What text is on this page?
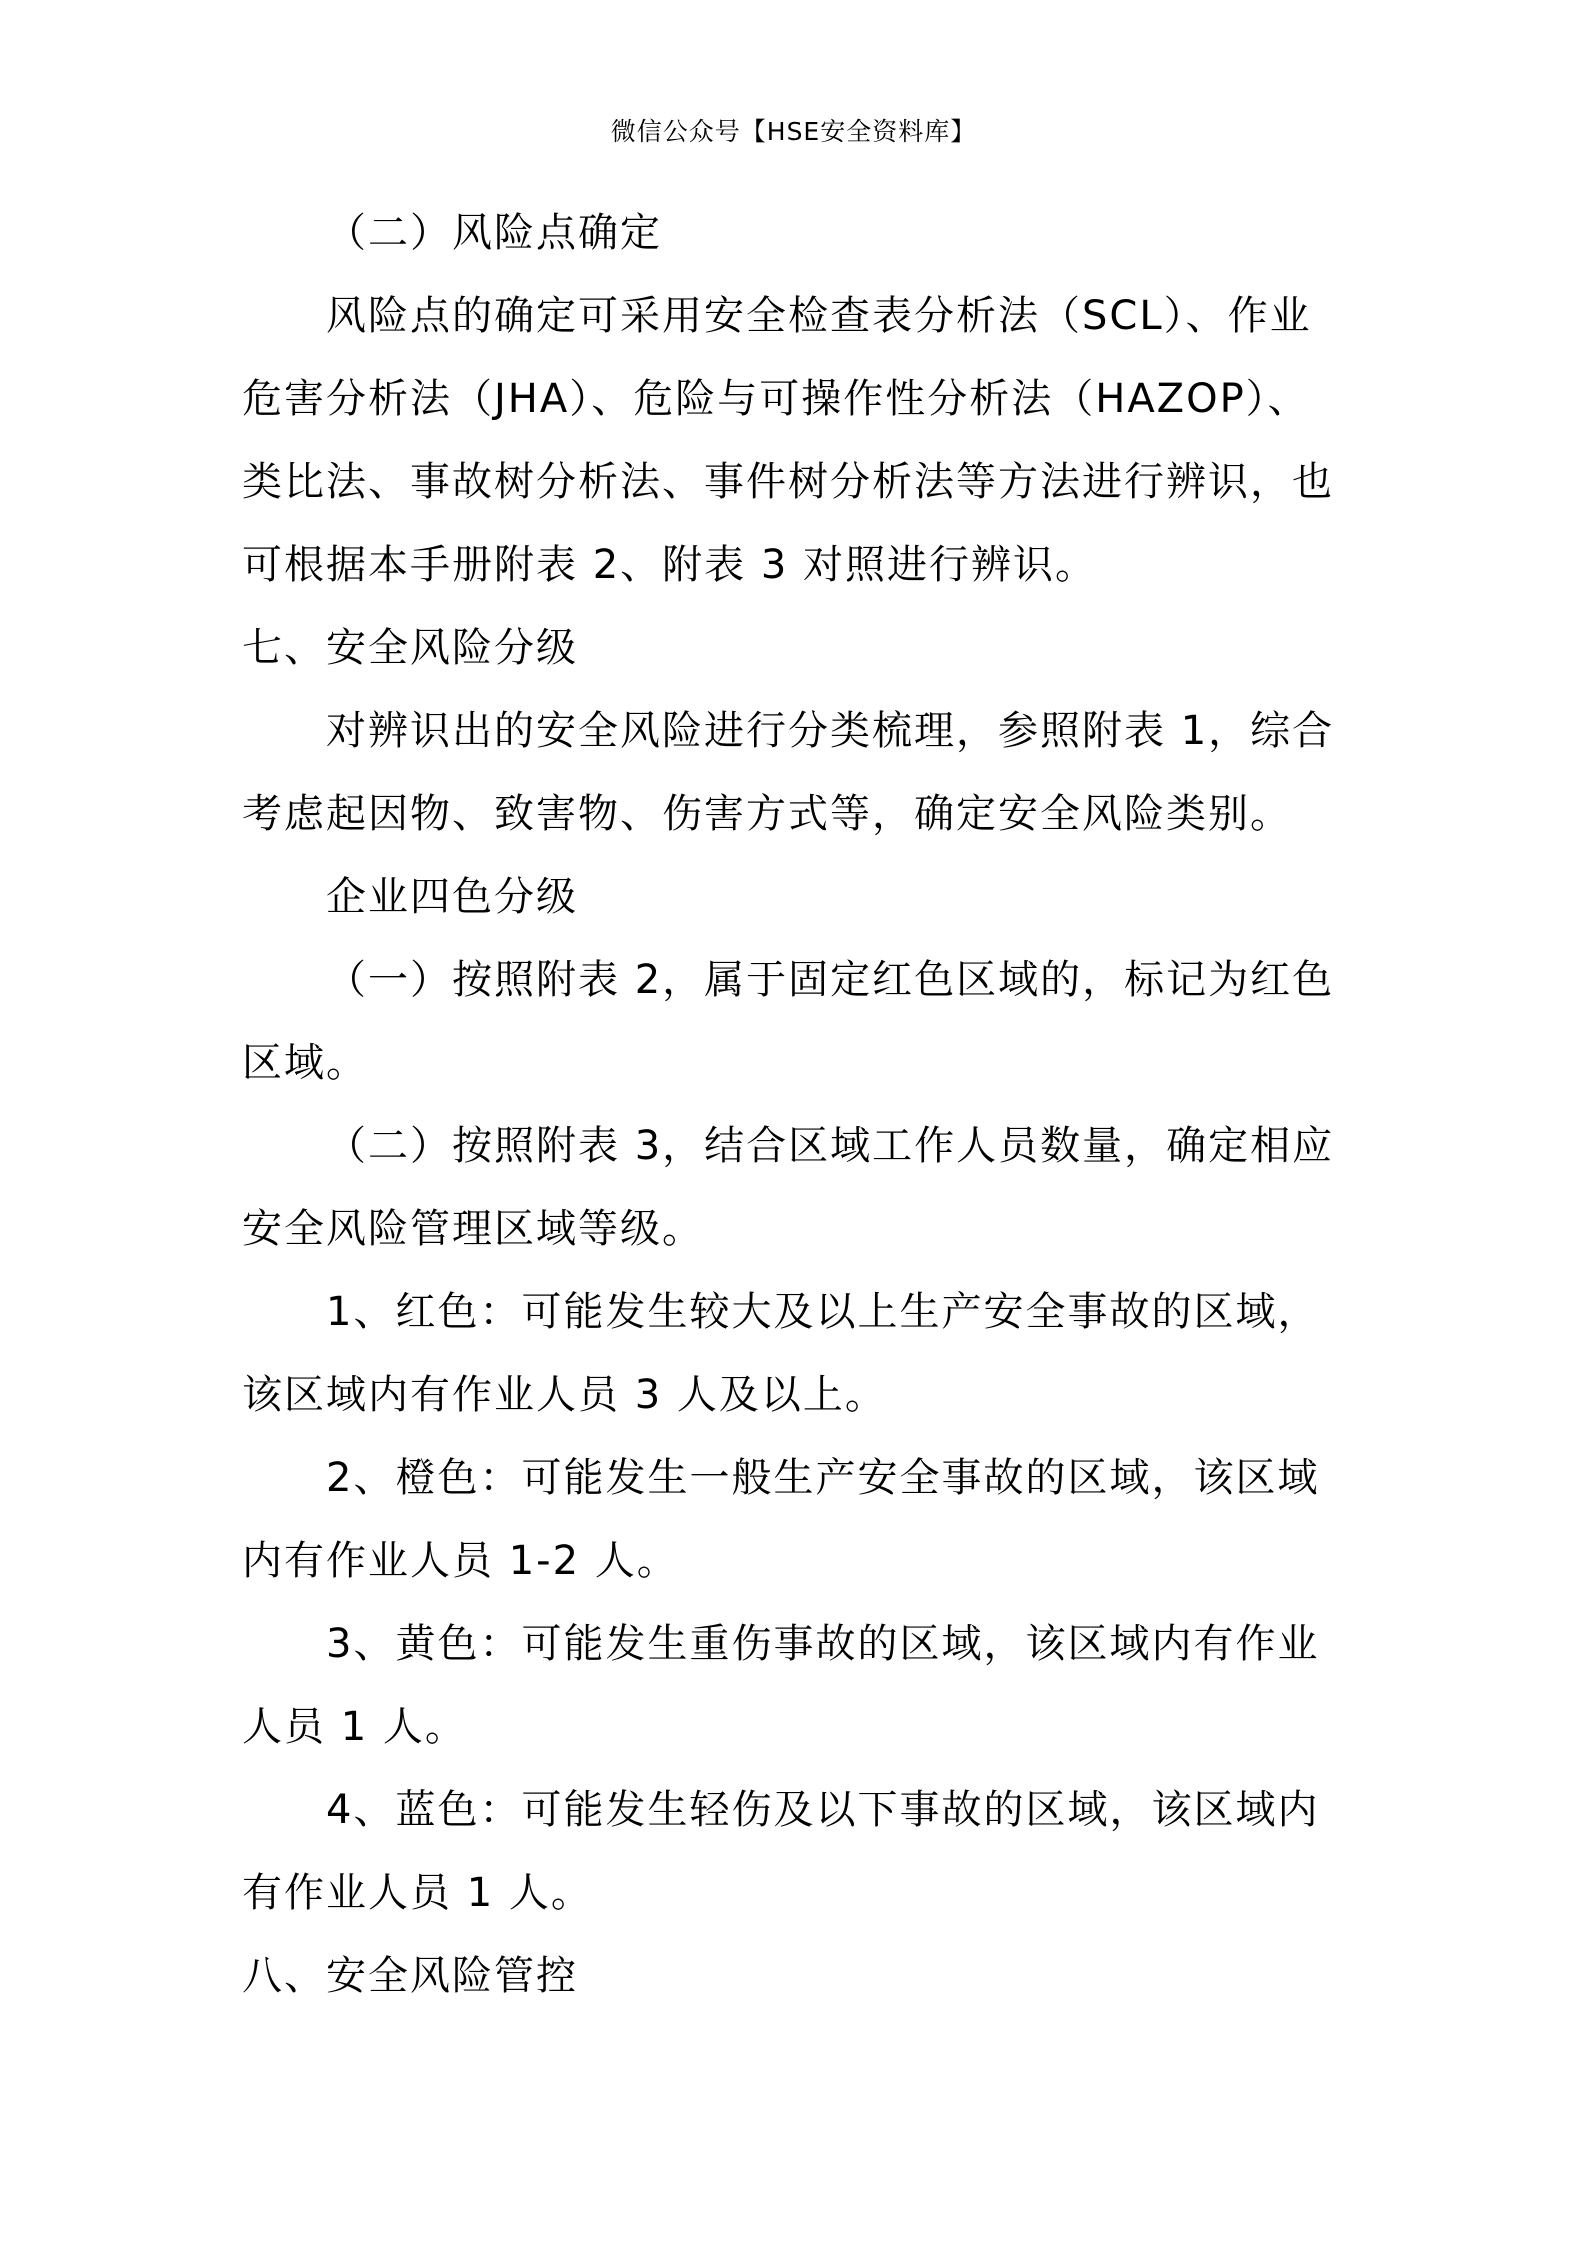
微信公众号【HSE安全资料库】

（二）风险点确定

风险点的确定可采用安全检查表分析法（SCL）、作业危害分析法（JHA）、危险与可操作性分析法（HAZOP）、类比法、事故树分析法、事件树分析法等方法进行辨识，也可根据本手册附表 2、附表 3 对照进行辨识。

七、安全风险分级

对辨识出的安全风险进行分类梳理，参照附表 1，综合考虑起因物、致害物、伤害方式等，确定安全风险类别。

企业四色分级

（一）按照附表 2，属于固定红色区域的，标记为红色区域。

（二）按照附表 3，结合区域工作人员数量，确定相应安全风险管理区域等级。

1、红色：可能发生较大及以上生产安全事故的区域，该区域内有作业人员 3 人及以上。

2、橙色：可能发生一般生产安全事故的区域，该区域内有作业人员 1-2 人。

3、黄色：可能发生重伤事故的区域，该区域内有作业人员 1 人。

4、蓝色：可能发生轻伤及以下事故的区域，该区域内有作业人员 1 人。

八、安全风险管控
